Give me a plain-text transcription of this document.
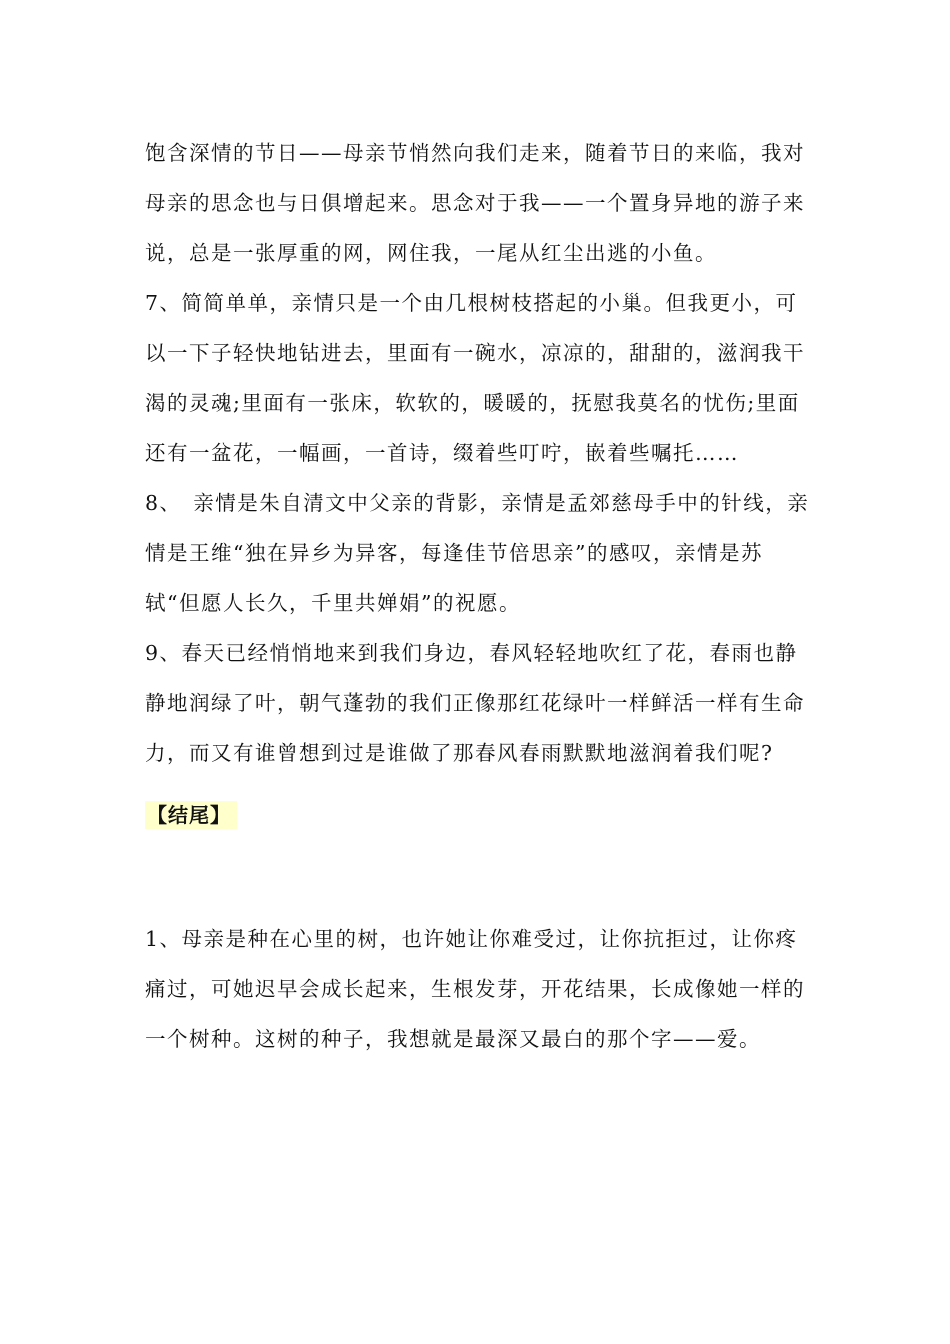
饱含深情的节日——母亲节悄然向我们走来，随着节日的来临，我对母亲的思念也与日俱增起来。思念对于我——一个置身异地的游子来说，总是一张厚重的网，网住我，一尾从红尘出逃的小鱼。

7、简简单单，亲情只是一个由几根树枝搭起的小巢。但我更小，可以一下子轻快地钻进去，里面有一碗水，凉凉的，甜甜的，滋润我干渴的灵魂;里面有一张床，软软的，暖暖的，抚慰我莫名的忧伤;里面还有一盆花，一幅画，一首诗，缀着些叮咛，嵌着些嘱托……

8、　亲情是朱自清文中父亲的背影，亲情是孟郊慈母手中的针线，亲情是王维“独在异乡为异客，每逢佳节倍思亲”的感叹，亲情是苏轼“但愿人长久，千里共婵娟”的祝愿。

9、春天已经悄悄地来到我们身边，春风轻轻地吹红了花，春雨也静静地润绿了叶，朝气蓬勃的我们正像那红花绿叶一样鲜活一样有生命力，而又有谁曾想到过是谁做了那春风春雨默默地滋润着我们呢?

【结尾】

1、母亲是种在心里的树，也许她让你难受过，让你抗拒过，让你疼痛过，可她迟早会成长起来，生根发芽，开花结果，长成像她一样的一个树种。这树的种子，我想就是最深又最白的那个字——爱。
